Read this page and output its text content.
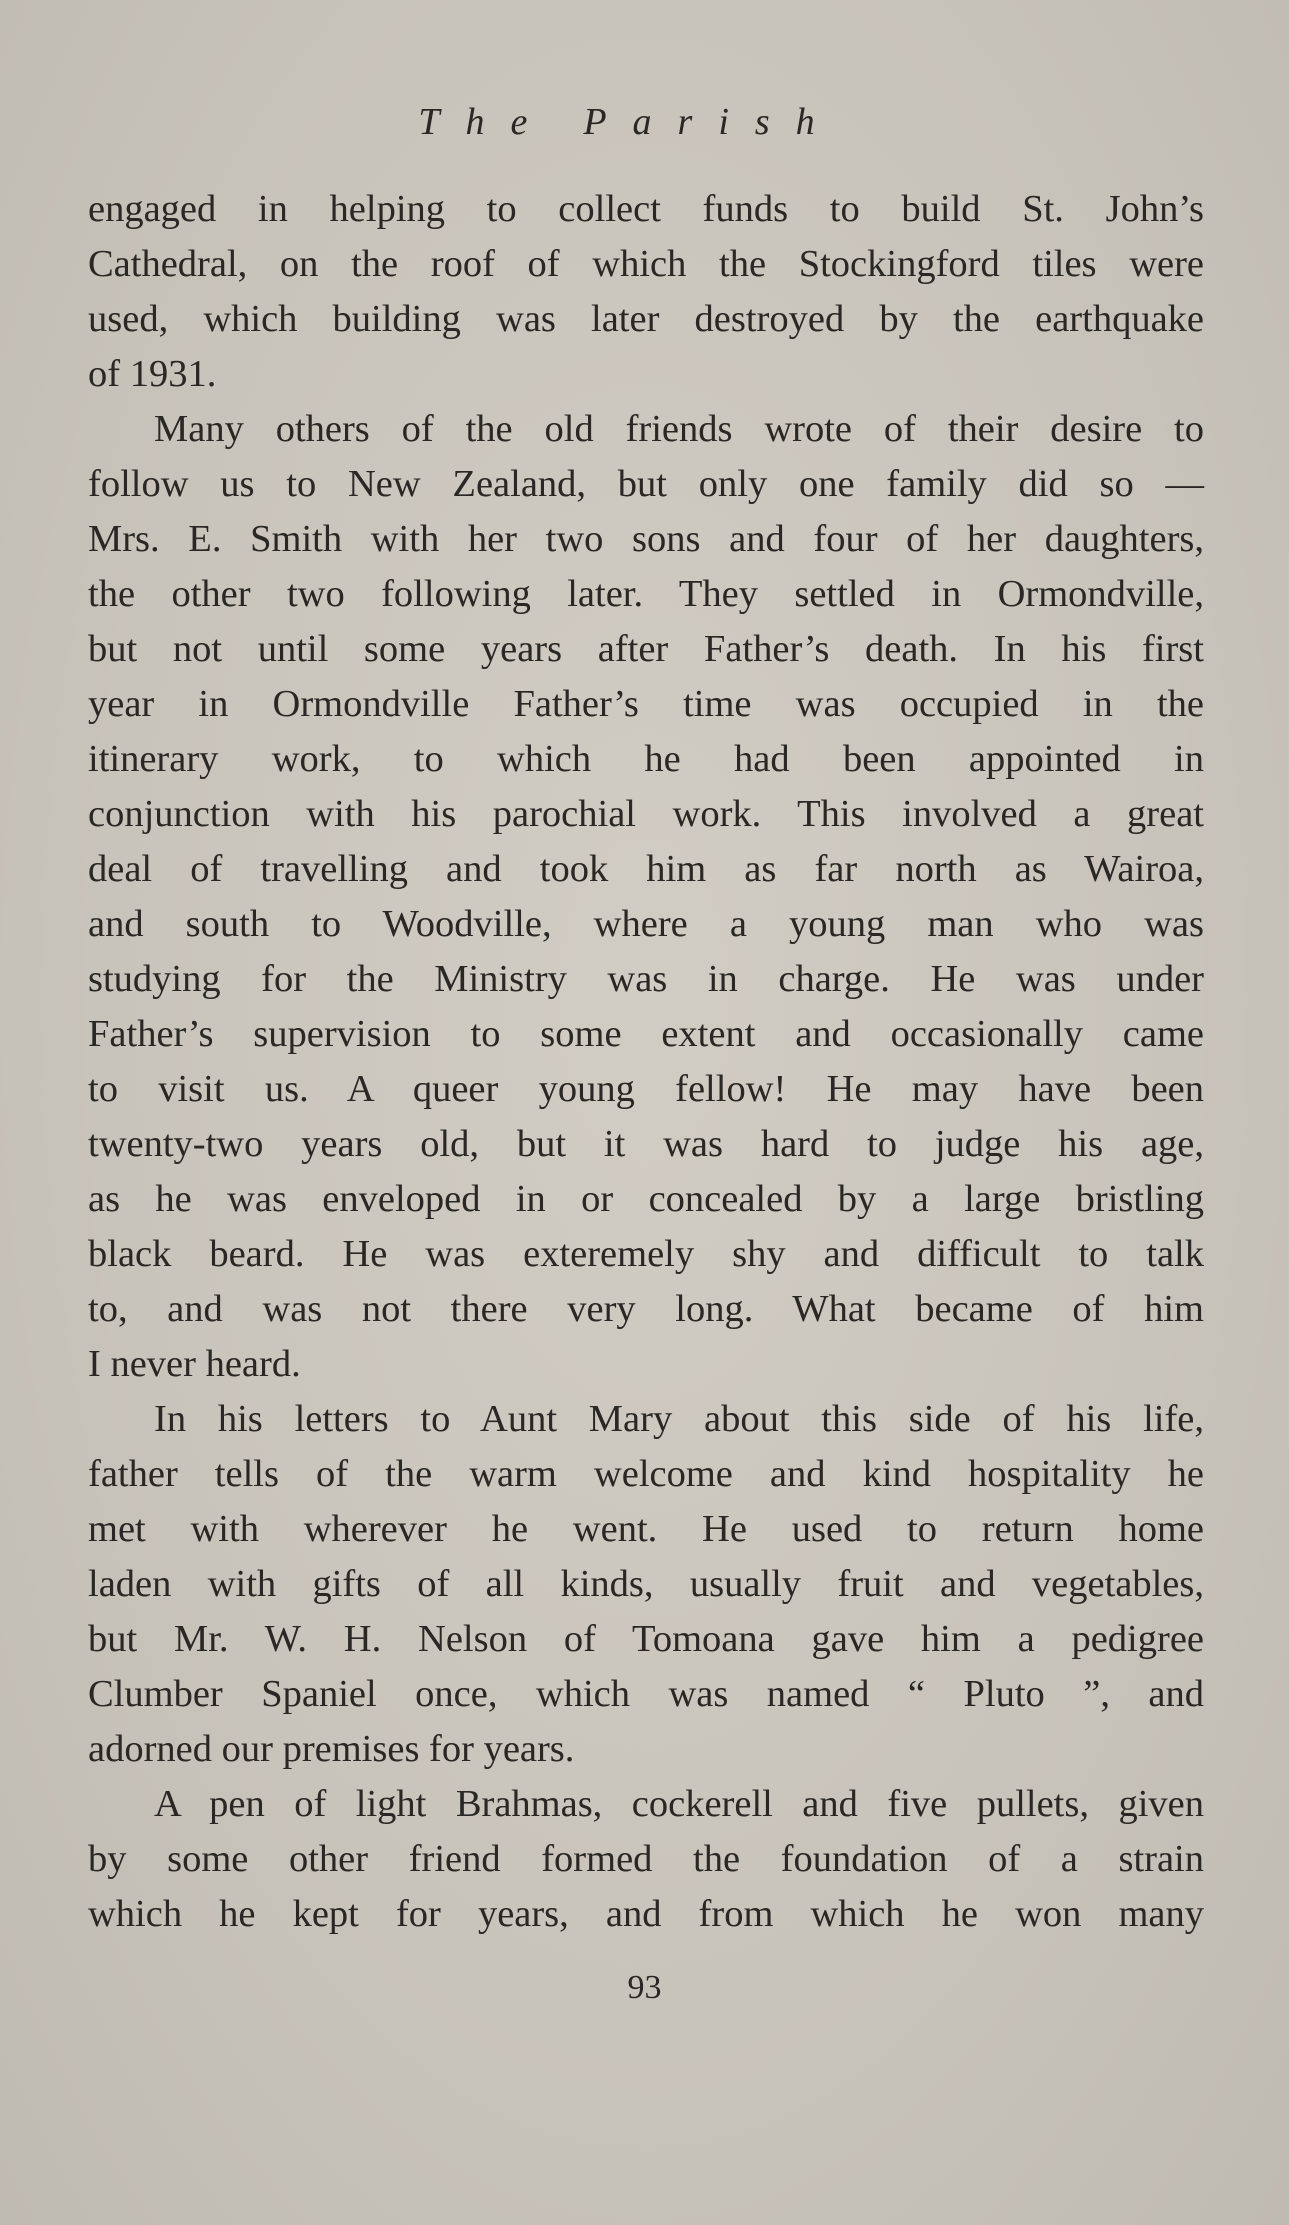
The Parish
engaged in helping to collect funds to build St. John’s
Cathedral, on the roof of which the Stockingford tiles were
used, which building was later destroyed by the earthquake
of 1931.
Many others of the old friends wrote of their desire to
follow us to New Zealand, but only one family did so —
Mrs. E. Smith with her two sons and four of her daughters,
the other two following later. They settled in Ormondville,
but not until some years after Father’s death. In his first
year in Ormondville Father’s time was occupied in the
itinerary work, to which he had been appointed in
conjunction with his parochial work. This involved a great
deal of travelling and took him as far north as Wairoa,
and south to Woodville, where a young man who was
studying for the Ministry was in charge. He was under
Father’s supervision to some extent and occasionally came
to visit us. A queer young fellow! He may have been
twenty-two years old, but it was hard to judge his age,
as he was enveloped in or concealed by a large bristling
black beard. He was exteremely shy and difficult to talk
to, and was not there very long. What became of him
I never heard.
In his letters to Aunt Mary about this side of his life,
father tells of the warm welcome and kind hospitality he
met with wherever he went. He used to return home
laden with gifts of all kinds, usually fruit and vegetables,
but Mr. W. H. Nelson of Tomoana gave him a pedigree
Clumber Spaniel once, which was named “ Pluto ”, and
adorned our premises for years.
A pen of light Brahmas, cockerell and five pullets, given
by some other friend formed the foundation of a strain
which he kept for years, and from which he won many
93
